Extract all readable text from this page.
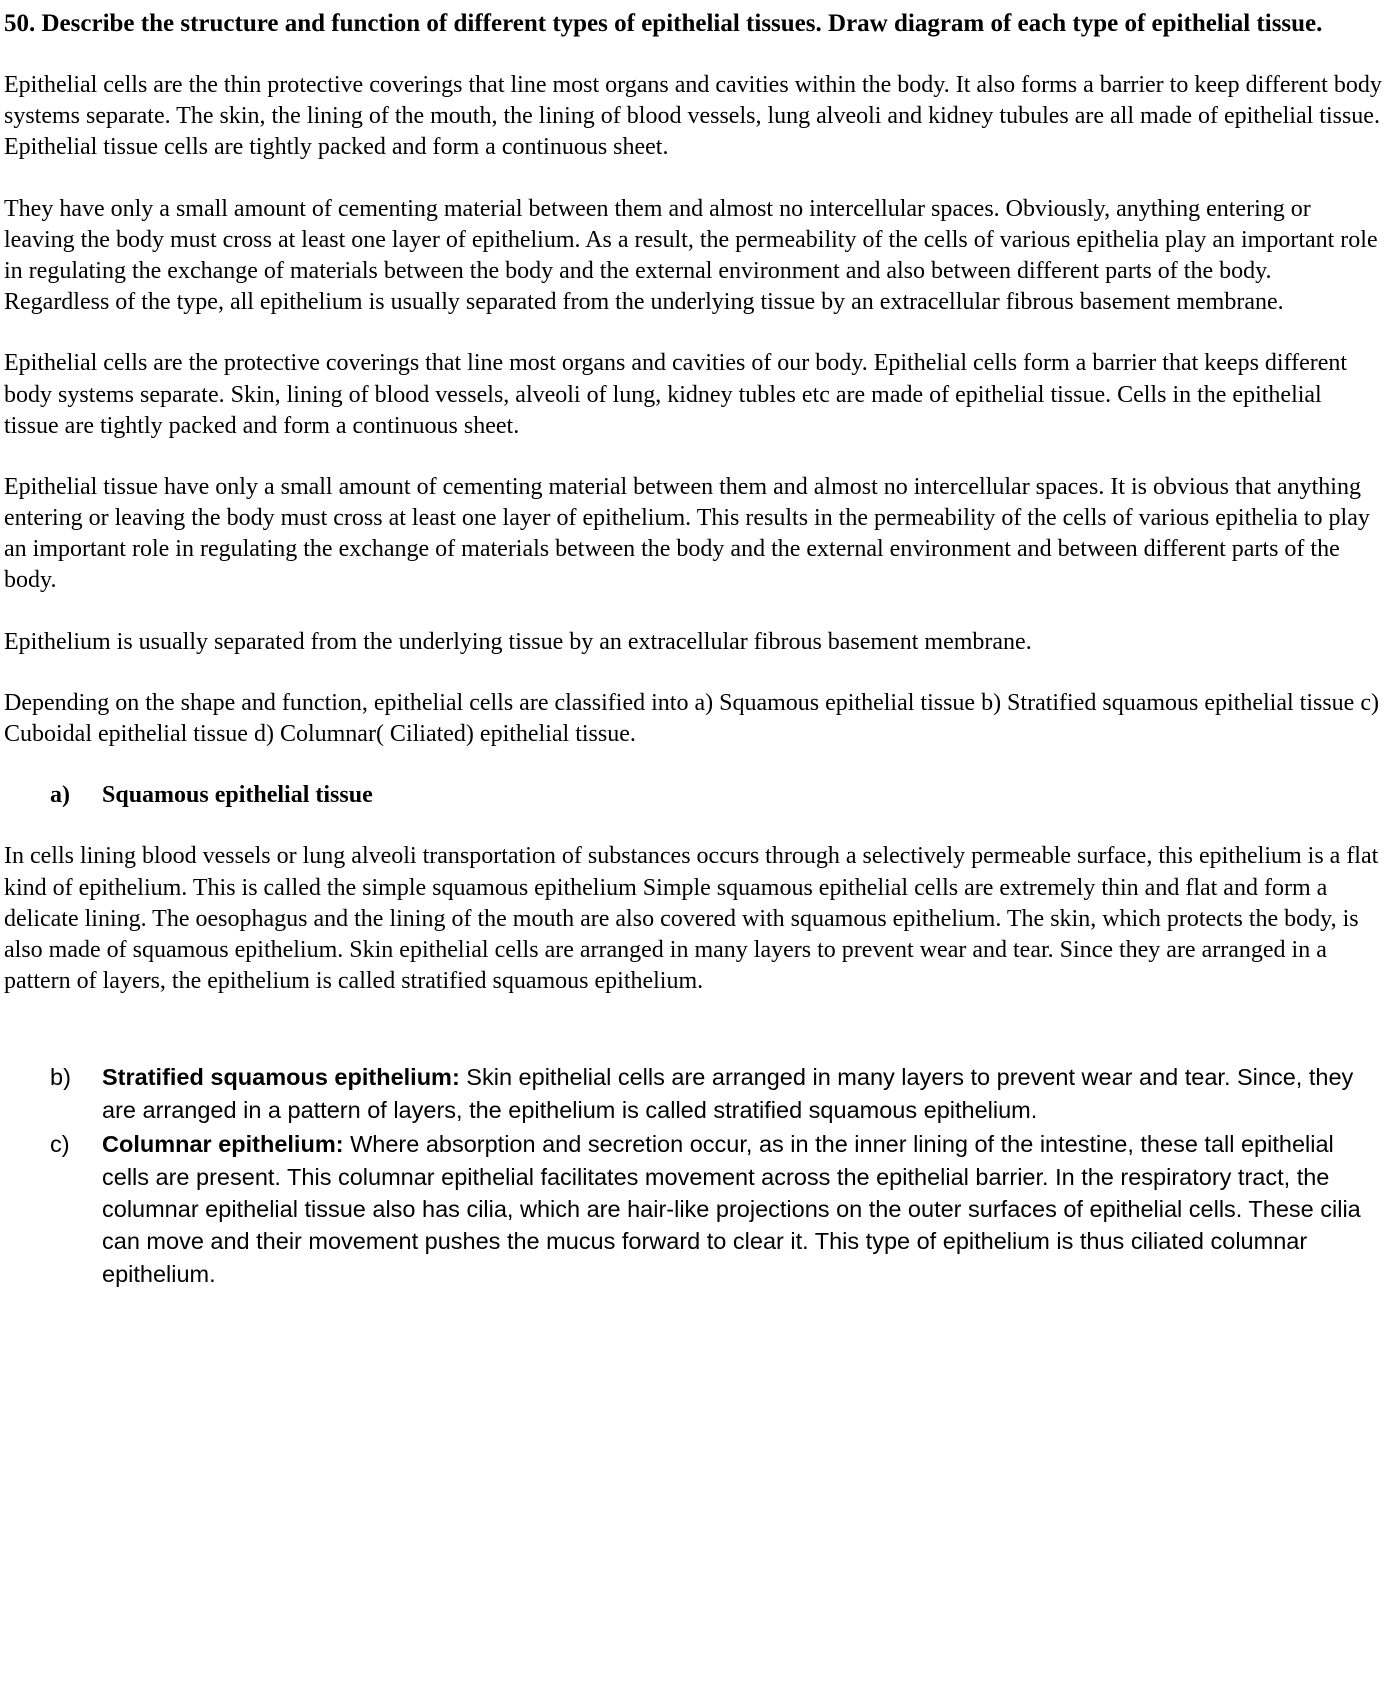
50. Describe the structure and function of different types of epithelial tissues. Draw diagram of each type of epithelial tissue.

Epithelial cells are the thin protective coverings that line most organs and cavities within the body. It also forms a barrier to keep different body systems separate. The skin, the lining of the mouth, the lining of blood vessels, lung alveoli and kidney tubules are all made of epithelial tissue. Epithelial tissue cells are tightly packed and form a continuous sheet.

They have only a small amount of cementing material between them and almost no intercellular spaces. Obviously, anything entering or leaving the body must cross at least one layer of epithelium. As a result, the permeability of the cells of various epithelia play an important role in regulating the exchange of materials between the body and the external environment and also between different parts of the body. Regardless of the type, all epithelium is usually separated from the underlying tissue by an extracellular fibrous basement membrane.

Epithelial cells are the protective coverings that line most organs and cavities of our body. Epithelial cells form a barrier that keeps different body systems separate. Skin, lining of blood vessels, alveoli of lung, kidney tubles etc are made of epithelial tissue. Cells in the epithelial tissue are tightly packed and form a continuous sheet.

Epithelial tissue have only a small amount of cementing material between them and almost no intercellular spaces. It is obvious that anything entering or leaving the body must cross at least one layer of epithelium. This results in the permeability of the cells of various epithelia to play an important role in regulating the exchange of materials between the body and the external environment and between different parts of the body.

Epithelium is usually separated from the underlying tissue by an extracellular fibrous basement membrane.

Depending on the shape and function, epithelial cells are classified into a) Squamous epithelial tissue b) Stratified squamous epithelial tissue c) Cuboidal epithelial tissue d) Columnar( Ciliated) epithelial tissue.

a) Squamous epithelial tissue

In cells lining blood vessels or lung alveoli transportation of substances occurs through a selectively permeable surface, this epithelium is a flat kind of epithelium. This is called the simple squamous epithelium Simple squamous epithelial cells are extremely thin and flat and form a delicate lining. The oesophagus and the lining of the mouth are also covered with squamous epithelium. The skin, which protects the body, is also made of squamous epithelium. Skin epithelial cells are arranged in many layers to prevent wear and tear. Since they are arranged in a pattern of layers, the epithelium is called stratified squamous epithelium.

b)	Stratified squamous epithelium: Skin epithelial cells are arranged in many layers to prevent wear and tear. Since, they are arranged in a pattern of layers, the epithelium is called stratified squamous epithelium.
c)	Columnar epithelium: Where absorption and secretion occur, as in the inner lining of the intestine, these tall epithelial cells are present. This columnar epithelial facilitates movement across the epithelial barrier. In the respiratory tract, the columnar epithelial tissue also has cilia, which are hair-like projections on the outer surfaces of epithelial cells. These cilia can move and their movement pushes the mucus forward to clear it. This type of epithelium is thus ciliated columnar epithelium.
